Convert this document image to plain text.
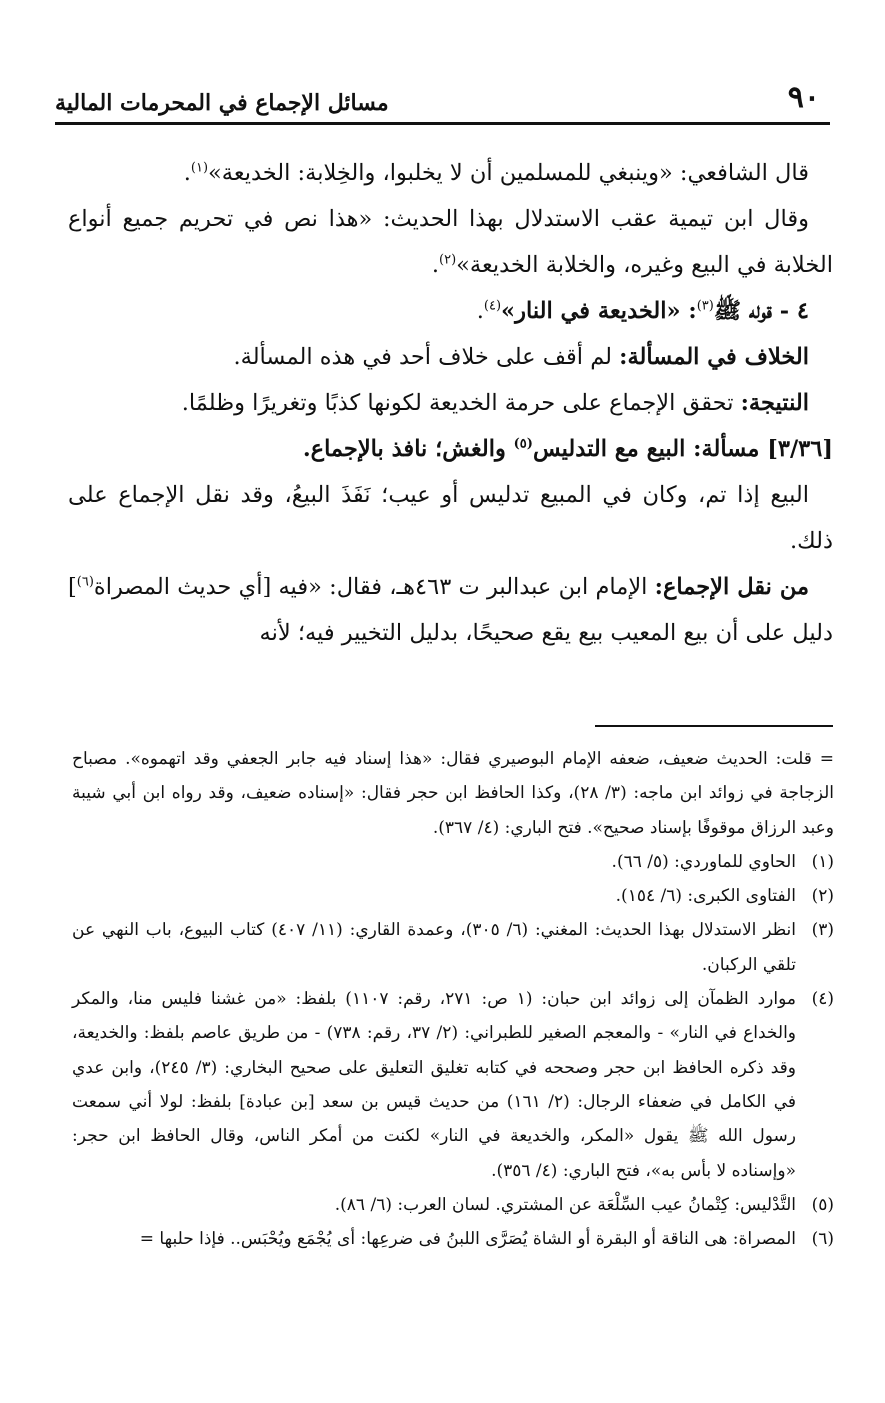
٩٠
مسائل الإجماع في المحرمات المالية

قال الشافعي: «وينبغي للمسلمين أن لا يخلبوا، والخِلابة: الخديعة»$^{(١)}$.

وقال ابن تيمية عقب الاستدلال بهذا الحديث: «هذا نص في تحريم جميع أنواع الخلابة في البيع وغيره، والخلابة الخديعة»$^{(٢)}$.

٤ - قوله ﷺ$^{(٣)}$: «الخديعة في النار»$^{(٤)}$.

الخلاف في المسألة: لم أقف على خلاف أحد في هذه المسألة.

النتيجة: تحقق الإجماع على حرمة الخديعة لكونها كذبًا وتغريرًا وظلمًا.

[٣/٣٦] مسألة: البيع مع التدليس$^{(٥)}$ والغش؛ نافذ بالإجماع.

البيع إذا تم، وكان في المبيع تدليس أو عيب؛ نَفَذَ البيعُ، وقد نقل الإجماع على ذلك.

من نقل الإجماع: الإمام ابن عبدالبر ت ٤٦٣هـ، فقال: «فيه [أي حديث المصراة$^{(٦)}$] دليل على أن بيع المعيب بيع يقع صحيحًا، بدليل التخيير فيه؛ لأنه

= قلت: الحديث ضعيف، ضعفه الإمام البوصيري فقال: «هذا إسناد فيه جابر الجعفي وقد اتهموه». مصباح الزجاجة في زوائد ابن ماجه: (٣/ ٢٨)، وكذا الحافظ ابن حجر فقال: «إسناده ضعيف، وقد رواه ابن أبي شيبة وعبد الرزاق موقوفًا بإسناد صحيح». فتح الباري: (٤/ ٣٦٧).

(١)
الحاوي للماوردي: (٥/ ٦٦).
(٢)
الفتاوى الكبرى: (٦/ ١٥٤).
(٣)
انظر الاستدلال بهذا الحديث: المغني: (٦/ ٣٠٥)، وعمدة القاري: (١١/ ٤٠٧) كتاب البيوع، باب النهي عن تلقي الركبان.
(٤)
موارد الظمآن إلى زوائد ابن حبان: (١ ص: ٢٧١، رقم: ١١٠٧) بلفظ: «من غشنا فليس منا، والمكر والخداع في النار» - والمعجم الصغير للطبراني: (٢/ ٣٧، رقم: ٧٣٨) - من طريق عاصم بلفظ: والخديعة، وقد ذكره الحافظ ابن حجر وصححه في كتابه تغليق التعليق على صحيح البخاري: (٣/ ٢٤٥)، وابن عدي في الكامل في ضعفاء الرجال: (٢/ ١٦١) من حديث قيس بن سعد [بن عبادة] بلفظ: لولا أني سمعت رسول الله ﷺ يقول «المكر، والخديعة في النار» لكنت من أمكر الناس، وقال الحافظ ابن حجر: «وإسناده لا بأس به»، فتح الباري: (٤/ ٣٥٦).
(٥)
التَّدْليس: كِتْمانُ عيب السِّلْعَة عن المشتري. لسان العرب: (٦/ ٨٦).
(٦)
المصراة: هى الناقة أو البقرة أو الشاة يُصَرَّى اللبنُ فى ضرعِها: أى يُجْمَع ويُحْبَس.. فإذا حلبها =
